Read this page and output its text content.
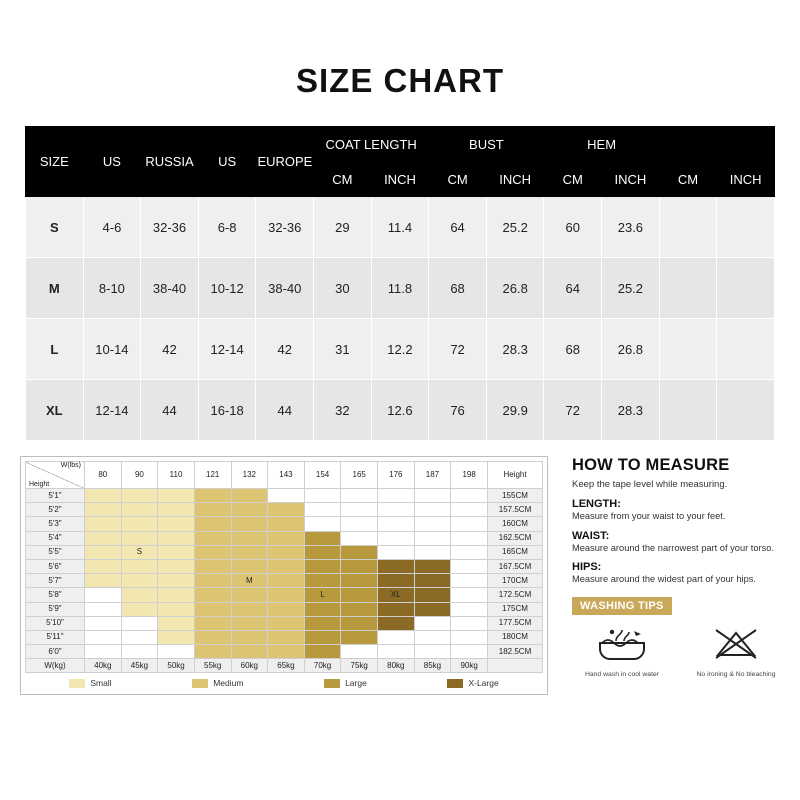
SIZE CHART
SIZE	US	RUSSIA	US	EUROPE	COAT LENGTH		BUST		HEM			
					CM	INCH	CM	INCH	CM	INCH	CM	INCH
S	4-6	32-36	6-8	32-36	29	11.4	64	25.2	60	23.6		
M	8-10	38-40	10-12	38-40	30	11.8	68	26.8	64	25.2		
L	10-14	42	12-14	42	31	12.2	72	28.3	68	26.8		
XL	12-14	44	16-18	44	32	12.6	76	29.9	72	28.3		
W(lbs)
Height	80	90	110	121	132	143	154	165	176	187	198	Height
5'1"												155CM
5'2"												157.5CM
5'3"												160CM
5'4"												162.5CM
5'5"		S										165CM
5'6"												167.5CM
5'7"					M							170CM
5'8"							L		XL			172.5CM
5'9"												175CM
5'10"												177.5CM
5'11"												180CM
6'0"												182.5CM
W(kg)	40kg	45kg	50kg	55kg	60kg	65kg	70kg	75kg	80kg	85kg	90kg	
Small	Medium	Large	X-Large
HOW TO MEASURE
Keep the tape level while measuring.
LENGTH:
Measure from your waist to your feet.
WAIST:
Measure around the narrowest part of your torso.
HIPS:
Measure around the widest part of your hips.
WASHING TIPS
Hand wash in cool water	No ironing & No bleaching
